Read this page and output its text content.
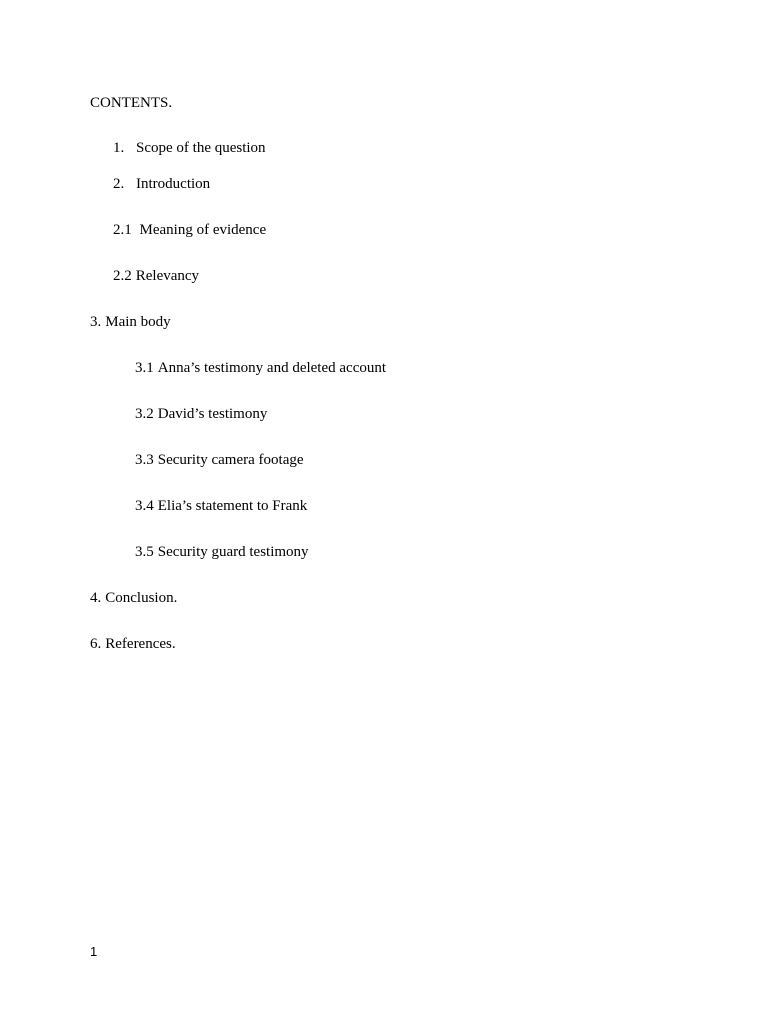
CONTENTS.
1. Scope of the question
2. Introduction
2.1 Meaning of evidence
2.2 Relevancy
3. Main body
3.1 Anna’s testimony and deleted account
3.2 David’s testimony
3.3 Security camera footage
3.4 Elia’s statement to Frank
3.5 Security guard testimony
4. Conclusion.
6. References.
1
